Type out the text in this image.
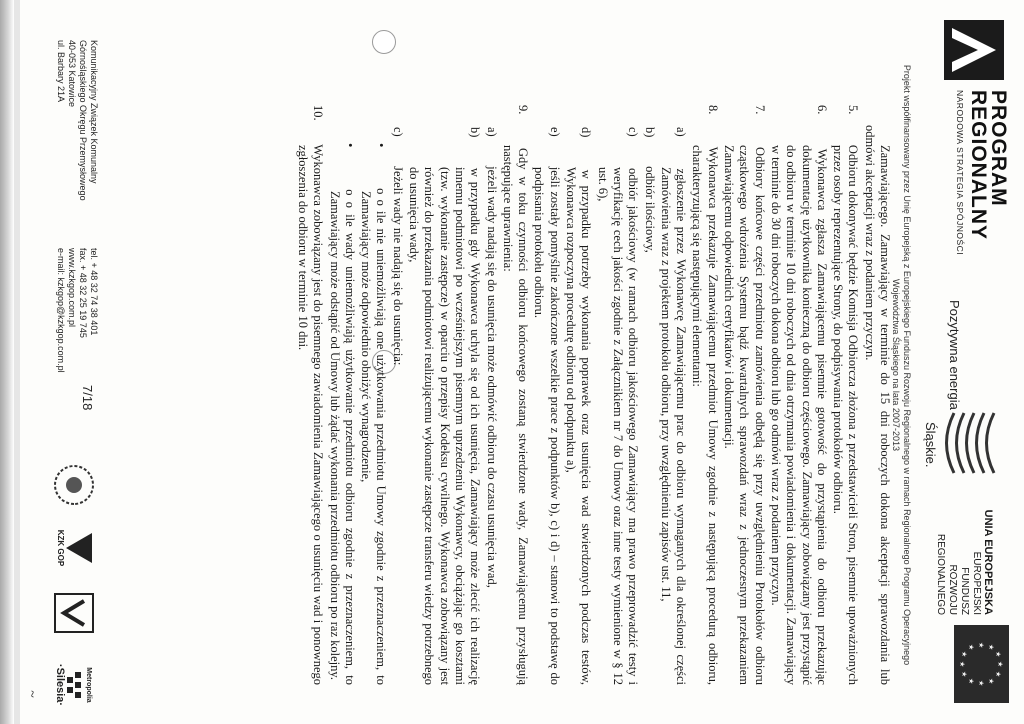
PROGRAM
REGIONALNY
NARODOWA STRATEGIA SPÓJNOŚCI
Pozytywna energia
Śląskie.
UNIA EUROPEJSKA
EUROPEJSKI FUNDUSZ
ROZWOJU REGIONALNEGO
★
★
★
★
★
★
★
★
★ ★ ★
★
Projekt współfinansowany przez Unię Europejską z Europejskiego Funduszu Rozwoju Regionalnego w ramach Regionalnego Programu Operacyjnego Województwa Śląskiego na lata 2007-2013

Zamawiającego. Zamawiający w terminie do 15 dni roboczych dokona akceptacji sprawozdania lub odmówi akceptacji wraz z podaniem przyczyn.

5. Odbioru dokonywać będzie Komisja Odbiorcza złożona z przedstawicieli Stron, pisemnie upoważnionych przez osoby reprezentujące Strony, do podpisywania protokołów odbioru.

6. Wykonawca zgłasza Zamawiającemu pisemnie gotowość do przystąpienia do odbioru przekazując dokumentację użytkownika konieczną do odbioru częściowego. Zamawiający zobowiązany jest przystąpić do odbioru w terminie 10 dni roboczych od dnia otrzymania powiadomienia i dokumentacji. Zamawiający w terminie do 30 dni roboczych dokona odbioru lub go odmówi wraz z podaniem przyczyn.

7. Odbiory końcowe części przedmiotu zamówienia odbędą się przy uwzględnieniu Protokołów odbioru cząstkowego wdrożenia Systemu bądź kwartalnych sprawozdań wraz z jednoczesnym przekazaniem Zamawiającemu odpowiednich certyfikatów i dokumentacji.

8. Wykonawca przekazuje Zamawiającemu przedmiot Umowy zgodnie z następującą procedurą odbioru, charakteryzującą się następującymi elementami:

a) zgłoszenie przez Wykonawcę Zamawiającemu prac do odbioru wymaganych dla określonej części Zamówienia wraz z projektem protokołu odbioru, przy uwzględnieniu zapisów ust. 11,

b) odbiór ilościowy,

c) odbiór jakościowy (w ramach odbioru jakościowego Zamawiający ma prawo przeprowadzić testy i weryfikację cech jakości zgodnie z Załącznikiem nr 7 do Umowy oraz inne testy wymienione w § 12 ust. 6),

d) w przypadku potrzeby wykonania poprawek oraz usunięcia wad stwierdzonych podczas testów, Wykonawca rozpoczyna procedurę odbioru od podpunktu a),

e) jeśli zostały pomyślnie zakończone wszelkie prace z podpunktów b), c) i d) – stanowi to podstawę do podpisania protokołu odbioru.

9. Gdy w toku czynności odbioru końcowego zostaną stwierdzone wady, Zamawiającemu przysługują następujące uprawnienia:

a) jeżeli wady nadają się do usunięcia może odmówić odbioru do czasu usunięcia wad,

b) w przypadku gdy Wykonawca uchyla się od ich usunięcia, Zamawiający może zlecić ich realizację innemu podmiotowi po wcześniejszym pisemnym uprzedzeniu Wykonawcy, obciążając go kosztami (tzw. wykonanie zastępcze) w oparciu o przepisy Kodeksu cywilnego. Wykonawca zobowiązany jest również do przekazania podmiotowi realizującemu wykonanie zastępcze transferu wiedzy potrzebnego do usunięcia wady,

c) Jeżeli wady nie nadają się do usunięcia:

• o o ile nie uniemożliwiają one użytkowania przedmiotu Umowy zgodnie z przeznaczeniem, to Zamawiający może odpowiednio obniżyć wynagrodzenie,

• o o ile wady uniemożliwiają użytkowanie przedmiotu odbioru zgodnie z przeznaczeniem, to Zamawiający może odstąpić od Umowy lub żądać wykonania przedmiotu odbioru po raz kolejny.

10. Wykonawca zobowiązany jest do pisemnego zawiadomienia Zamawiającego o usunięciu wad i ponownego zgłoszenia do odbioru w terminie 10 dni.

Komunikacyjny Związek Komunalny
Górnośląskiego Okręgu Przemysłowego
40-053 Katowice
ul. Barbary 21A
tel. + 48 32 74 38 401
fax. + 48 32 25 19 745
www.kzkgop.com.pl
e-mail: kzkgop@kzkgop.com.pl
7/18
KZK GOP
Metropolia
·Silesia·
~
